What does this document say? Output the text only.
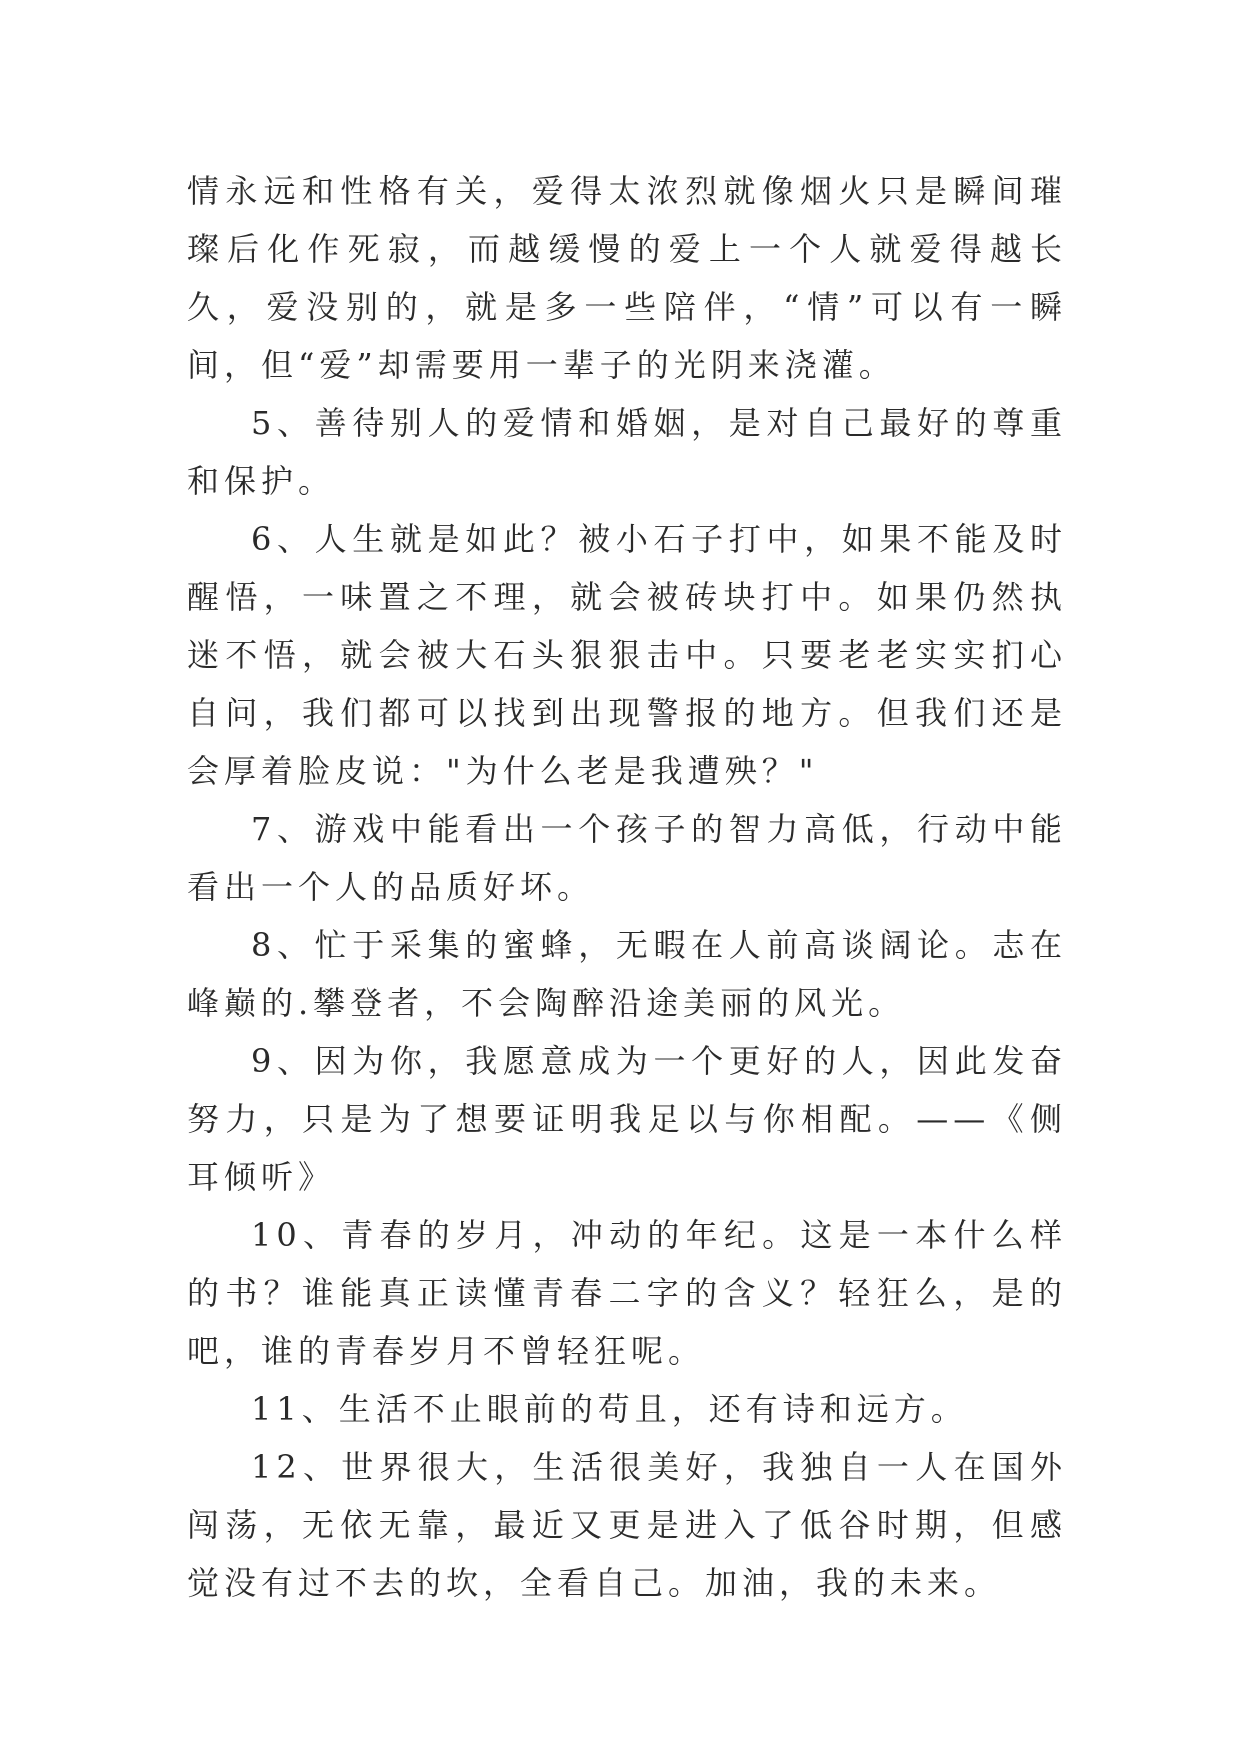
情永远和性格有关，爱得太浓烈就像烟火只是瞬间璀璨后化作死寂，而越缓慢的爱上一个人就爱得越长久，爱没别的，就是多一些陪伴，“情”可以有一瞬间，但“爱”却需要用一辈子的光阴来浇灌。

5、善待别人的爱情和婚姻，是对自己最好的尊重和保护。

6、人生就是如此？被小石子打中，如果不能及时醒悟，一味置之不理，就会被砖块打中。如果仍然执迷不悟，就会被大石头狠狠击中。只要老老实实扪心自问，我们都可以找到出现警报的地方。但我们还是会厚着脸皮说："为什么老是我遭殃？"

7、游戏中能看出一个孩子的智力高低，行动中能看出一个人的品质好坏。

8、忙于采集的蜜蜂，无暇在人前高谈阔论。志在峰巅的.攀登者，不会陶醉沿途美丽的风光。

9、因为你，我愿意成为一个更好的人，因此发奋努力，只是为了想要证明我足以与你相配。——《侧耳倾听》

10、青春的岁月，冲动的年纪。这是一本什么样的书？谁能真正读懂青春二字的含义？轻狂么，是的吧，谁的青春岁月不曾轻狂呢。

11、生活不止眼前的苟且，还有诗和远方。

12、世界很大，生活很美好，我独自一人在国外闯荡，无依无靠，最近又更是进入了低谷时期，但感觉没有过不去的坎，全看自己。加油，我的未来。
